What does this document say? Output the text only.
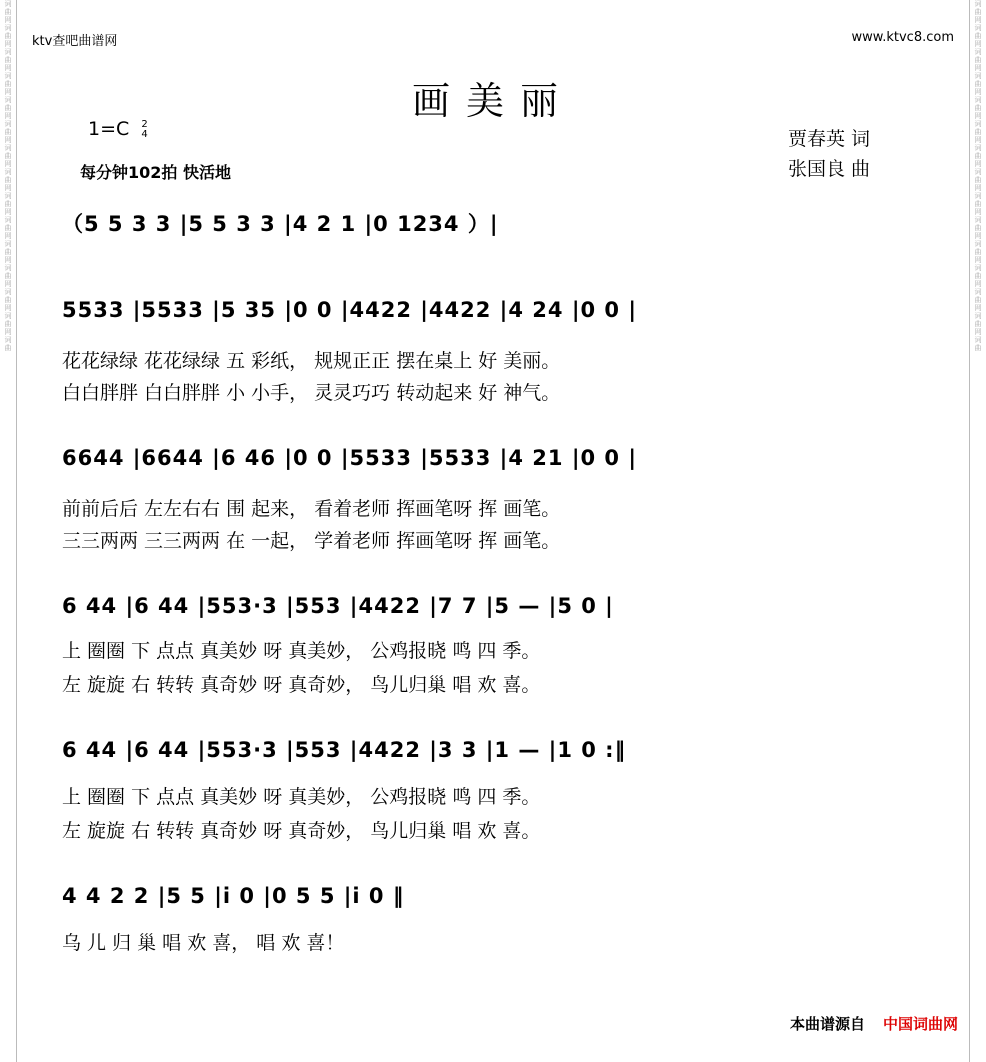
词
曲
网
词
曲
网
词
曲
网
词
曲
网
词
曲
网
词
曲
网
词
曲
网
词
曲
网
词
曲
网
词
曲
网
词
曲
网
词
曲
网
词
曲
网
词
曲
网
词
曲
词
曲
网
词
曲
网
词
曲
网
词
曲
网
词
曲
网
词
曲
网
词
曲
网
词
曲
网
词
曲
网
词
曲
网
词
曲
网
词
曲
网
词
曲
网
词
曲
网
词
曲
ktv查吧曲谱网	www.ktvc8.com
画美丽
1=C 2
4
每分钟102拍 快活地
贾春英 词
张国良 曲
（5 5 3 3 |5 5 3 3 |4 2 1 |0 1234 ）|
5533 |5533 |5 35 |0 0 |4422 |4422 |4 24 |0 0 |
花花绿绿 花花绿绿 五 彩纸， 规规正正 摆在桌上 好 美丽。
白白胖胖 白白胖胖 小 小手， 灵灵巧巧 转动起来 好 神气。
6644 |6644 |6 46 |0 0 |5533 |5533 |4 21 |0 0 |
前前后后 左左右右 围 起来， 看着老师 挥画笔呀 挥 画笔。
三三两两 三三两两 在 一起， 学着老师 挥画笔呀 挥 画笔。
6 44 |6 44 |553·3 |553 |4422 |7 7 |5 — |5 0 |
上 圈圈 下 点点 真美妙 呀 真美妙， 公鸡报晓 鸣 四 季。
左 旋旋 右 转转 真奇妙 呀 真奇妙， 鸟儿归巢 唱 欢 喜。
6 44 |6 44 |553·3 |553 |4422 |3 3 |1 — |1 0 :‖
上 圈圈 下 点点 真美妙 呀 真美妙， 公鸡报晓 鸣 四 季。
左 旋旋 右 转转 真奇妙 呀 真奇妙， 鸟儿归巢 唱 欢 喜。
4 4 2 2 |5 5 |i 0 |0 5 5 |i 0 ‖
乌 儿 归 巢 唱 欢 喜， 唱 欢 喜！
本曲谱源自 中国词曲网
